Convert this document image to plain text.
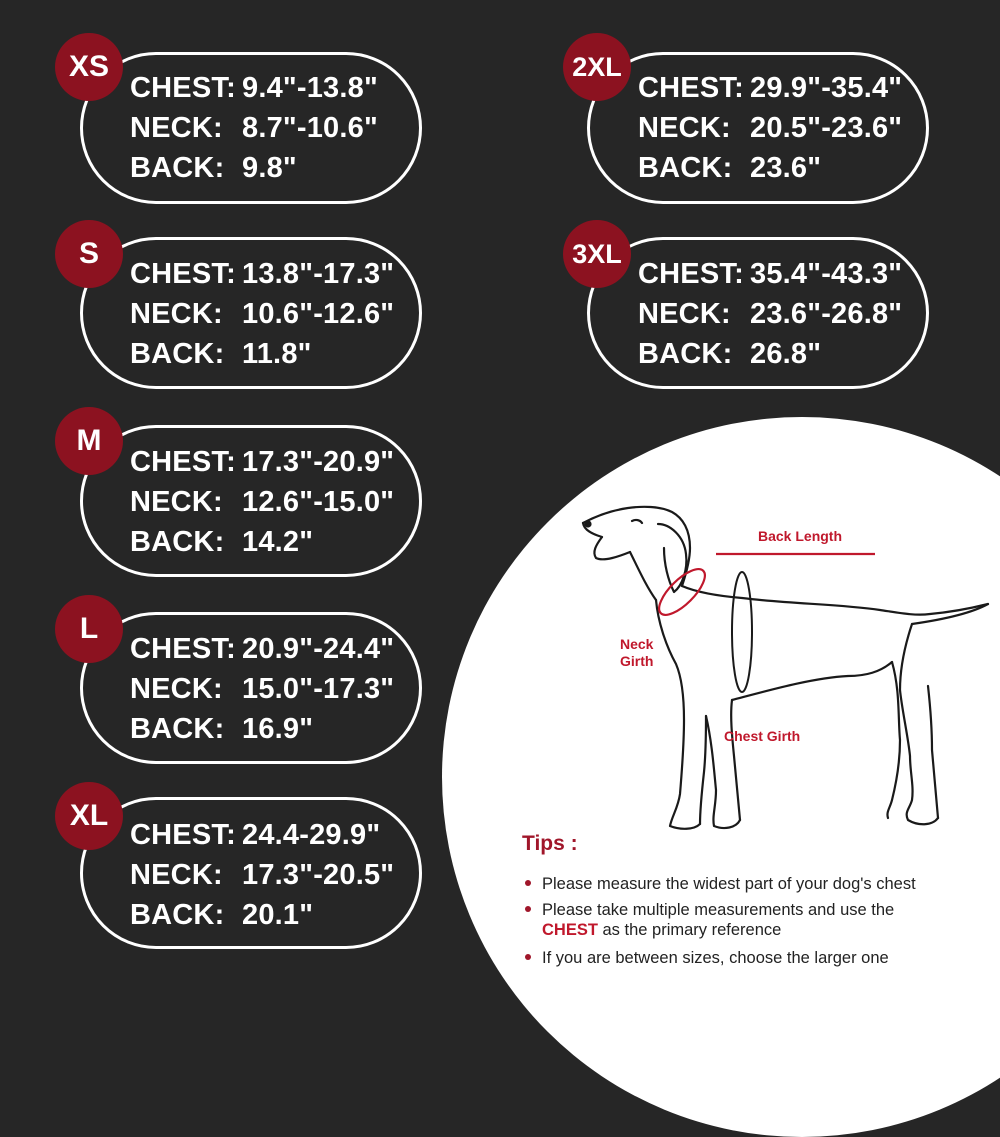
XS
CHEST: 9.4"-13.8"
NECK: 8.7"-10.6"
BACK: 9.8"
S
CHEST: 13.8"-17.3"
NECK: 10.6"-12.6"
BACK: 11.8"
M
CHEST: 17.3"-20.9"
NECK: 12.6"-15.0"
BACK: 14.2"
L
CHEST: 20.9"-24.4"
NECK: 15.0"-17.3"
BACK: 16.9"
XL
CHEST: 24.4-29.9"
NECK: 17.3"-20.5"
BACK: 20.1"
2XL
CHEST: 29.9"-35.4"
NECK: 20.5"-23.6"
BACK: 23.6"
3XL
CHEST: 35.4"-43.3"
NECK: 23.6"-26.8"
BACK: 26.8"
Back Length
Neck
Girth
Chest Girth
Tips :
Please measure the widest part of your dog's chest
Please take multiple measurements and use the
CHEST as the primary reference
If you are between sizes, choose the larger one
